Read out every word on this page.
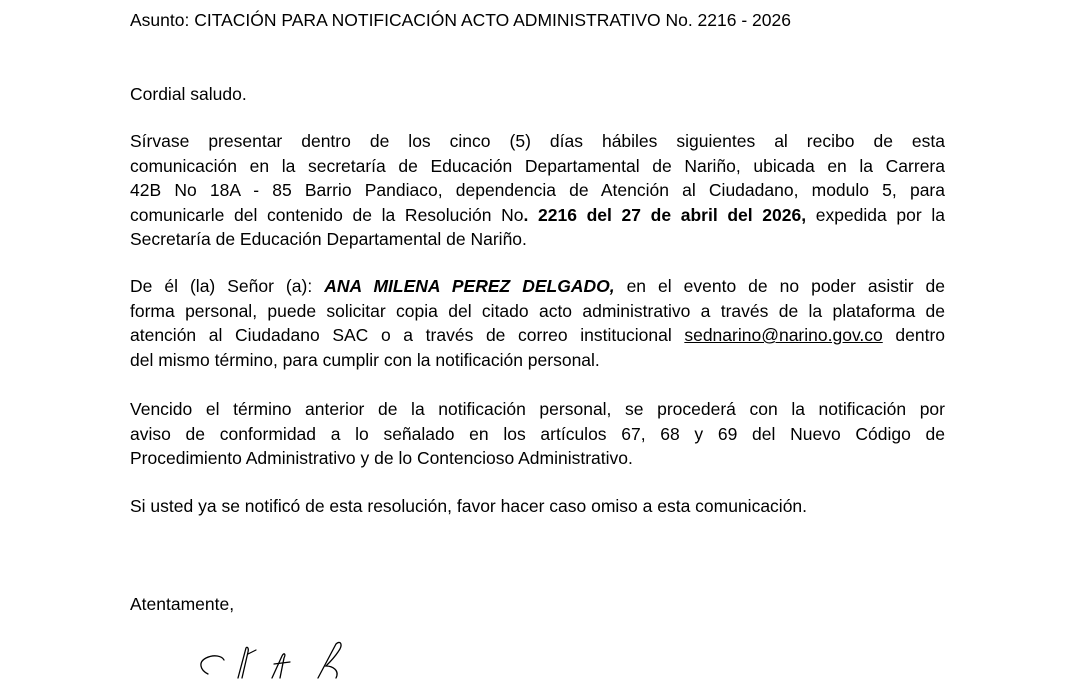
Asunto: CITACIÓN PARA NOTIFICACIÓN ACTO ADMINISTRATIVO No. 2216 - 2026
Cordial saludo.
Sírvase presentar dentro de los cinco (5) días hábiles siguientes al recibo de esta
comunicación en la secretaría de Educación Departamental de Nariño, ubicada en la Carrera
42B No 18A - 85 Barrio Pandiaco, dependencia de Atención al Ciudadano, modulo 5, para
comunicarle del contenido de la Resolución No. 2216 del 27 de abril del 2026, expedida por la
Secretaría de Educación Departamental de Nariño.
De él (la) Señor (a): ANA MILENA PEREZ DELGADO, en el evento de no poder asistir de
forma personal, puede solicitar copia del citado acto administrativo a través de la plataforma de
atención al Ciudadano SAC o a través de correo institucional sednarino@narino.gov.co dentro
del mismo término, para cumplir con la notificación personal.
Vencido el término anterior de la notificación personal, se procederá con la notificación por
aviso de conformidad a lo señalado en los artículos 67, 68 y 69 del Nuevo Código de
Procedimiento Administrativo y de lo Contencioso Administrativo.
Si usted ya se notificó de esta resolución, favor hacer caso omiso a esta comunicación.
Atentamente,
